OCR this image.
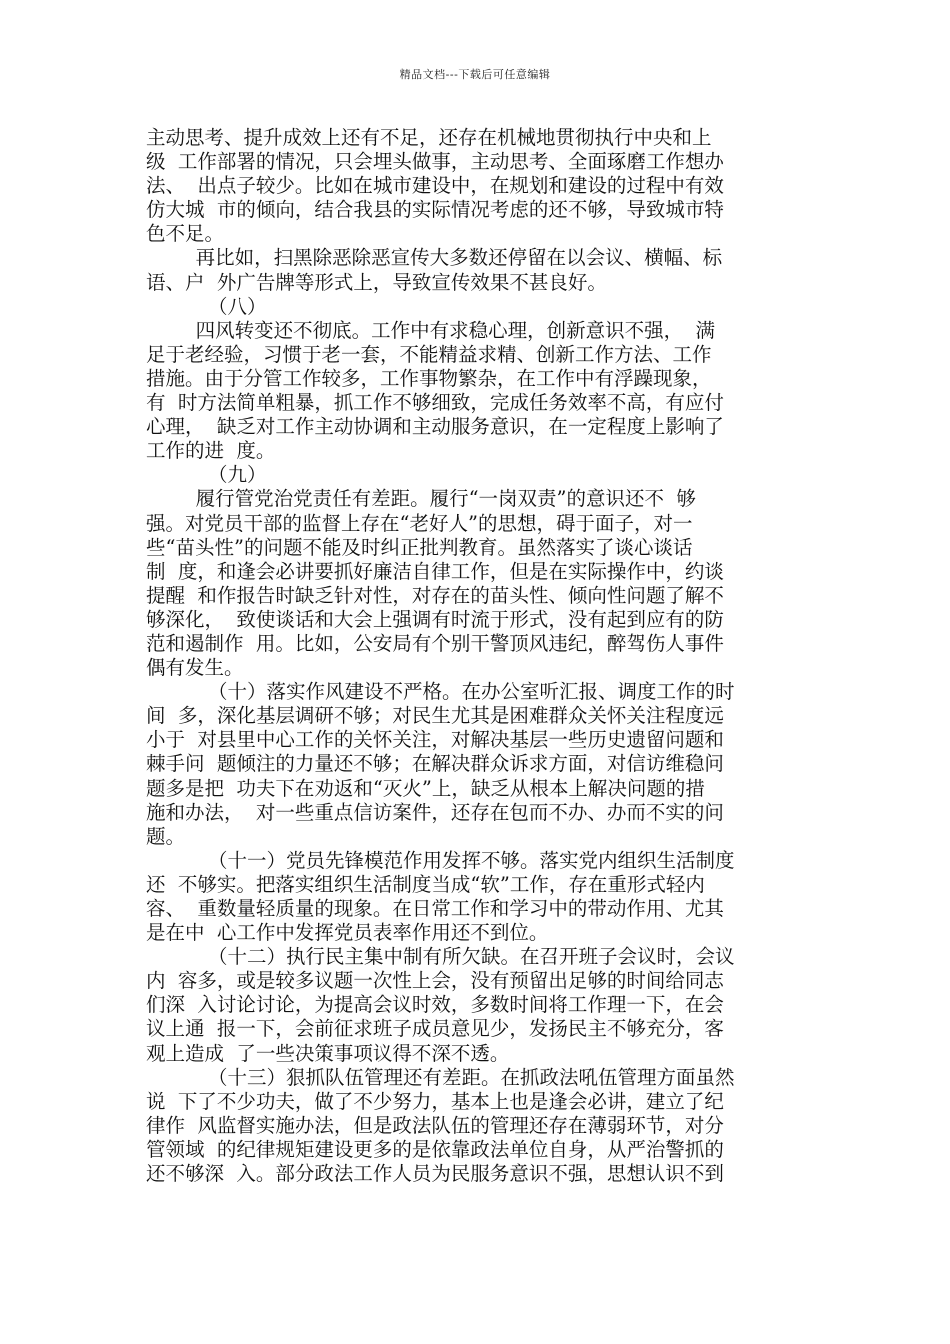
精品文档---下载后可任意编辑
主动思考、提升成效上还有不足，还存在机械地贯彻执行中央和上
级  工作部署的情况，只会埋头做事，主动思考、全面琢磨工作想办
法、  出点子较少。比如在城市建设中，在规划和建设的过程中有效
仿大城  市的倾向，结合我县的实际情况考虑的还不够，导致城市特
色不足。
再比如，扫黑除恶除恶宣传大多数还停留在以会议、横幅、标
语、户  外广告牌等形式上，导致宣传效果不甚良好。
（八）
四风转变还不彻底。工作中有求稳心理，创新意识不强，  满
足于老经验，习惯于老一套，不能精益求精、创新工作方法、工作
措施。由于分管工作较多，工作事物繁杂，在工作中有浮躁现象，
有  时方法简单粗暴，抓工作不够细致，完成任务效率不高，有应付
心理，  缺乏对工作主动协调和主动服务意识，在一定程度上影响了
工作的进  度。
（九）
履行管党治党责任有差距。履行“一岗双责”的意识还不  够
强。对党员干部的监督上存在“老好人”的思想，碍于面子，对一
些“苗头性”的问题不能及时纠正批判教育。虽然落实了谈心谈话
制  度，和逢会必讲要抓好廉洁自律工作，但是在实际操作中，约谈
提醒  和作报告时缺乏针对性，对存在的苗头性、倾向性问题了解不
够深化，  致使谈话和大会上强调有时流于形式，没有起到应有的防
范和遏制作  用。比如，公安局有个别干警顶风违纪，醉驾伤人事件
偶有发生。
（十）落实作风建设不严格。在办公室听汇报、调度工作的时
间  多，深化基层调研不够；对民生尤其是困难群众关怀关注程度远
小于  对县里中心工作的关怀关注，对解决基层一些历史遗留问题和
棘手问  题倾注的力量还不够；在解决群众诉求方面，对信访维稳问
题多是把  功夫下在劝返和“灭火”上，缺乏从根本上解决问题的措
施和办法，  对一些重点信访案件，还存在包而不办、办而不实的问
题。
（十一）党员先锋模范作用发挥不够。落实党内组织生活制度
还  不够实。把落实组织生活制度当成“软”工作，存在重形式轻内
容、  重数量轻质量的现象。在日常工作和学习中的带动作用、尤其
是在中  心工作中发挥党员表率作用还不到位。
（十二）执行民主集中制有所欠缺。在召开班子会议时，会议
内  容多，或是较多议题一次性上会，没有预留出足够的时间给同志
们深  入讨论讨论，为提高会议时效，多数时间将工作理一下，在会
议上通  报一下，会前征求班子成员意见少，发扬民主不够充分，客
观上造成  了一些决策事项议得不深不透。
（十三）狠抓队伍管理还有差距。在抓政法吼伍管理方面虽然
说  下了不少功夫，做了不少努力，基本上也是逢会必讲，建立了纪
律作  风监督实施办法，但是政法队伍的管理还存在薄弱环节，对分
管领域  的纪律规矩建设更多的是依靠政法单位自身，从严治警抓的
还不够深  入。部分政法工作人员为民服务意识不强，思想认识不到
